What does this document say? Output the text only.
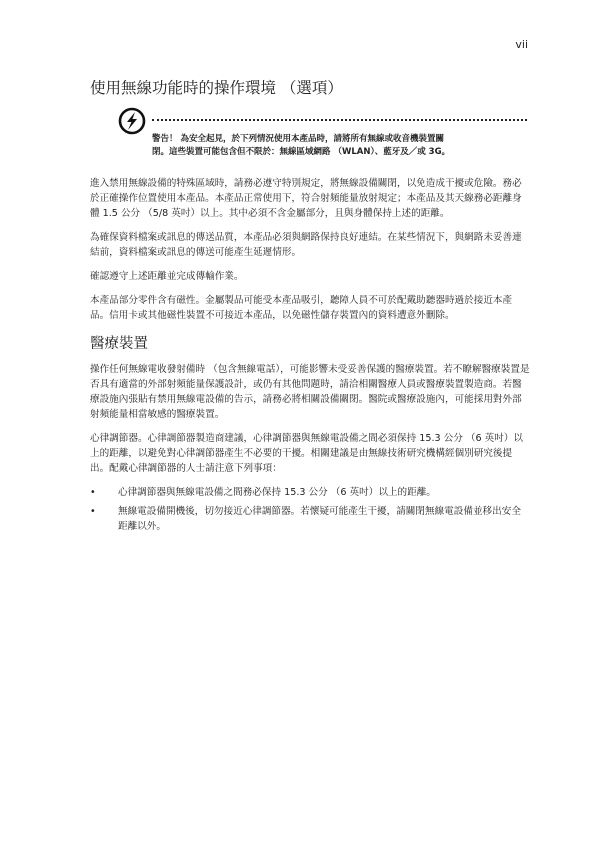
vii
使用無線功能時的操作環境 （選項）
警告！ 為安全起見，於下列情況使用本產品時，請將所有無線或收音機裝置關
閉。這些裝置可能包含但不限於：無線區域網路 （WLAN）、藍牙及／或 3G。

進入禁用無線設備的特殊區域時，請務必遵守特別規定，將無線設備關閉，以免造成干擾或危險。務必於正確操作位置使用本產品。本產品正常使用下，符合射頻能量放射規定；本產品及其天線務必距離身體 1.5 公分 （5/8 英吋）以上。其中必須不含金屬部分，且與身體保持上述的距離。

為確保資料檔案或訊息的傳送品質，本產品必須與網路保持良好連結。在某些情況下，與網路未妥善連結前，資料檔案或訊息的傳送可能產生延遲情形。

確認遵守上述距離並完成傳輸作業。

本產品部分零件含有磁性。金屬製品可能受本產品吸引，聽障人員不可於配戴助聽器時過於接近本產品。信用卡或其他磁性裝置不可接近本產品，以免磁性儲存裝置內的資料遭意外刪除。

醫療裝置

操作任何無線電收發射備時 （包含無線電話），可能影響未受妥善保護的醫療裝置。若不瞭解醫療裝置是否具有適當的外部射頻能量保護設計，或仍有其他問題時，請洽相關醫療人員或醫療裝置製造商。若醫療設施內張貼有禁用無線電設備的告示，請務必將相關設備關閉。醫院或醫療設施內，可能採用對外部射頻能量相當敏感的醫療裝置。

心律調節器。心律調節器製造商建議，心律調節器與無線電設備之間必須保持 15.3 公分 （6 英吋）以上的距離，以避免對心律調節器產生不必要的干擾。相關建議是由無線技術研究機構經個別研究後提出。配戴心律調節器的人士請注意下列事項：

• 心律調節器與無線電設備之間務必保持 15.3 公分 （6 英吋）以上的距離。
• 無線電設備開機後，切勿接近心律調節器。若懷疑可能產生干擾，請關閉無線電設備並移出安全距離以外。
